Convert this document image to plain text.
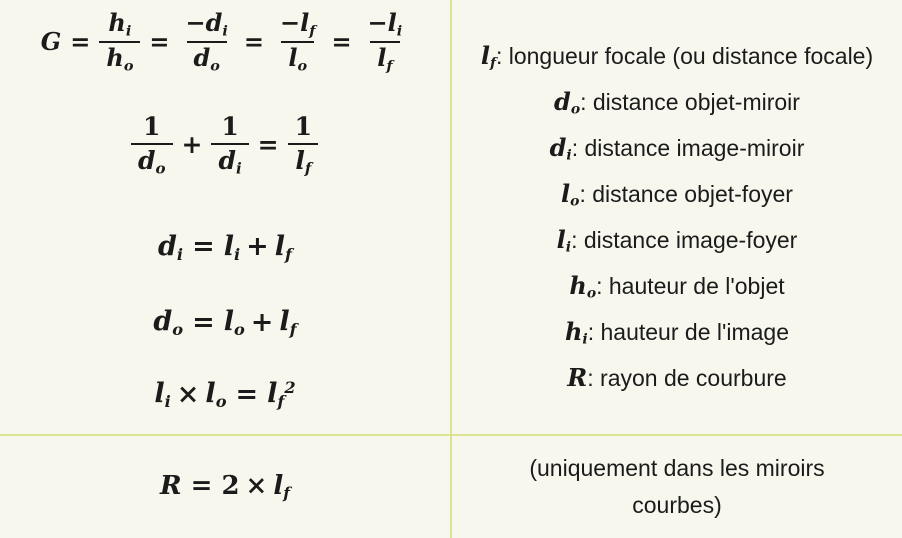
$G = \frac{h_i}{h_o} = \frac{-d_i}{d_o} = \frac{-l_f}{l_o} = \frac{-l_i}{l_f}$
$\frac{1}{d_o} + \frac{1}{d_i} = \frac{1}{l_f}$
$d_i = l_i + l_f$
$d_o = l_o + l_f$
$l_i \times l_o = l_f^2$
$l_f$: longueur focale (ou distance focale)
$d_o$: distance objet-miroir
$d_i$: distance image-miroir
$l_o$: distance objet-foyer
$l_i$: distance image-foyer
$h_o$: hauteur de l'objet
$h_i$: hauteur de l'image
R: rayon de courbure
$R = 2 \times l_f$
(uniquement dans les miroirs courbes)
